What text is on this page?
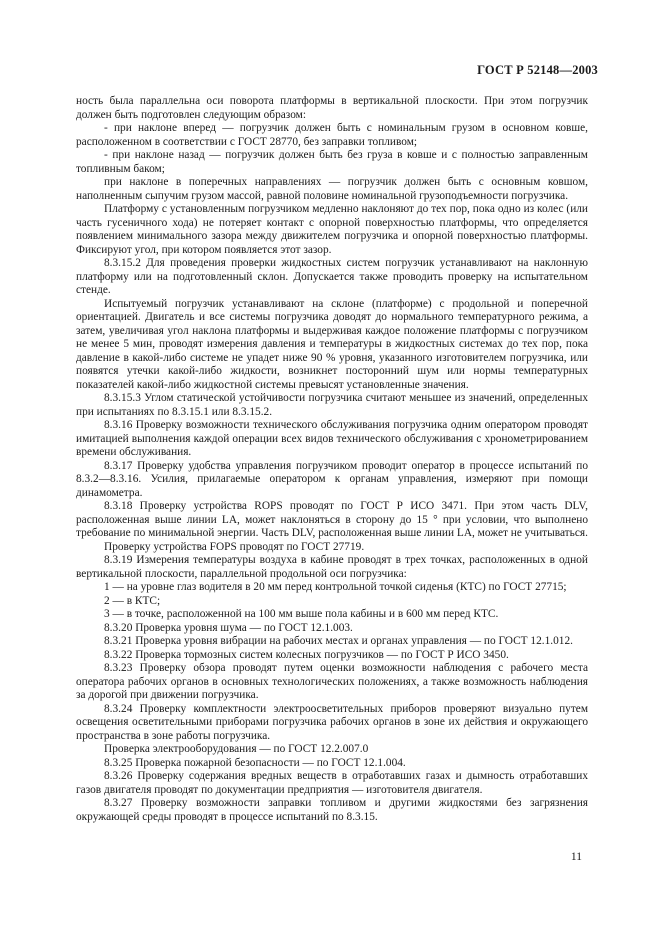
ГОСТ Р 52148—2003

ность была параллельна оси поворота платформы в вертикальной плоскости. При этом погрузчик должен быть подготовлен следующим образом:

- при наклоне вперед — погрузчик должен быть с номинальным грузом в основном ковше, расположенном в соответствии с ГОСТ 28770, без заправки топливом;

- при наклоне назад — погрузчик должен быть без груза в ковше и с полностью заправленным топливным баком;

при наклоне в поперечных направлениях — погрузчик должен быть с основным ковшом, наполненным сыпучим грузом массой, равной половине номинальной грузоподъемности погрузчика.

Платформу с установленным погрузчиком медленно наклоняют до тех пор, пока одно из колес (или часть гусеничного хода) не потеряет контакт с опорной поверхностью платформы, что определяется появлением минимального зазора между движителем погрузчика и опорной поверхностью платформы. Фиксируют угол, при котором появляется этот зазор.

8.3.15.2 Для проведения проверки жидкостных систем погрузчик устанавливают на наклонную платформу или на подготовленный склон. Допускается также проводить проверку на испытательном стенде.

Испытуемый погрузчик устанавливают на склоне (платформе) с продольной и поперечной ориентацией. Двигатель и все системы погрузчика доводят до нормального температурного режима, а затем, увеличивая угол наклона платформы и выдерживая каждое положение платформы с погрузчиком не менее 5 мин, проводят измерения давления и температуры в жидкостных системах до тех пор, пока давление в какой-либо системе не упадет ниже 90 % уровня, указанного изготовителем погрузчика, или появятся утечки какой-либо жидкости, возникнет посторонний шум или нормы температурных показателей какой-либо жидкостной системы превысят установленные значения.

8.3.15.3 Углом статической устойчивости погрузчика считают меньшее из значений, определенных при испытаниях по 8.3.15.1 или 8.3.15.2.

8.3.16 Проверку возможности технического обслуживания погрузчика одним оператором проводят имитацией выполнения каждой операции всех видов технического обслуживания с хронометрированием времени обслуживания.

8.3.17 Проверку удобства управления погрузчиком проводит оператор в процессе испытаний по 8.3.2—8.3.16. Усилия, прилагаемые оператором к органам управления, измеряют при помощи динамометра.

8.3.18 Проверку устройства ROPS проводят по ГОСТ Р ИСО 3471. При этом часть DLV, расположенная выше линии LA, может наклоняться в сторону до 15 ° при условии, что выполнено требование по минимальной энергии. Часть DLV, расположенная выше линии LA, может не учитываться.

Проверку устройства FOPS проводят по ГОСТ 27719.

8.3.19 Измерения температуры воздуха в кабине проводят в трех точках, расположенных в одной вертикальной плоскости, параллельной продольной оси погрузчика:

1 — на уровне глаз водителя в 20 мм перед контрольной точкой сиденья (КТС) по ГОСТ 27715;

2 — в КТС;

3 — в точке, расположенной на 100 мм выше пола кабины и в 600 мм перед КТС.

8.3.20 Проверка уровня шума — по ГОСТ 12.1.003.

8.3.21 Проверка уровня вибрации на рабочих местах и органах управления — по ГОСТ 12.1.012.

8.3.22 Проверка тормозных систем колесных погрузчиков — по ГОСТ Р ИСО 3450.

8.3.23 Проверку обзора проводят путем оценки возможности наблюдения с рабочего места оператора рабочих органов в основных технологических положениях, а также возможность наблюдения за дорогой при движении погрузчика.

8.3.24 Проверку комплектности электроосветительных приборов проверяют визуально путем освещения осветительными приборами погрузчика рабочих органов в зоне их действия и окружающего пространства в зоне работы погрузчика.

Проверка электрооборудования — по ГОСТ 12.2.007.0

8.3.25 Проверка пожарной безопасности — по ГОСТ 12.1.004.

8.3.26 Проверку содержания вредных веществ в отработавших газах и дымность отработавших газов двигателя проводят по документации предприятия — изготовителя двигателя.

8.3.27 Проверку возможности заправки топливом и другими жидкостями без загрязнения окружающей среды проводят в процессе испытаний по 8.3.15.

11
